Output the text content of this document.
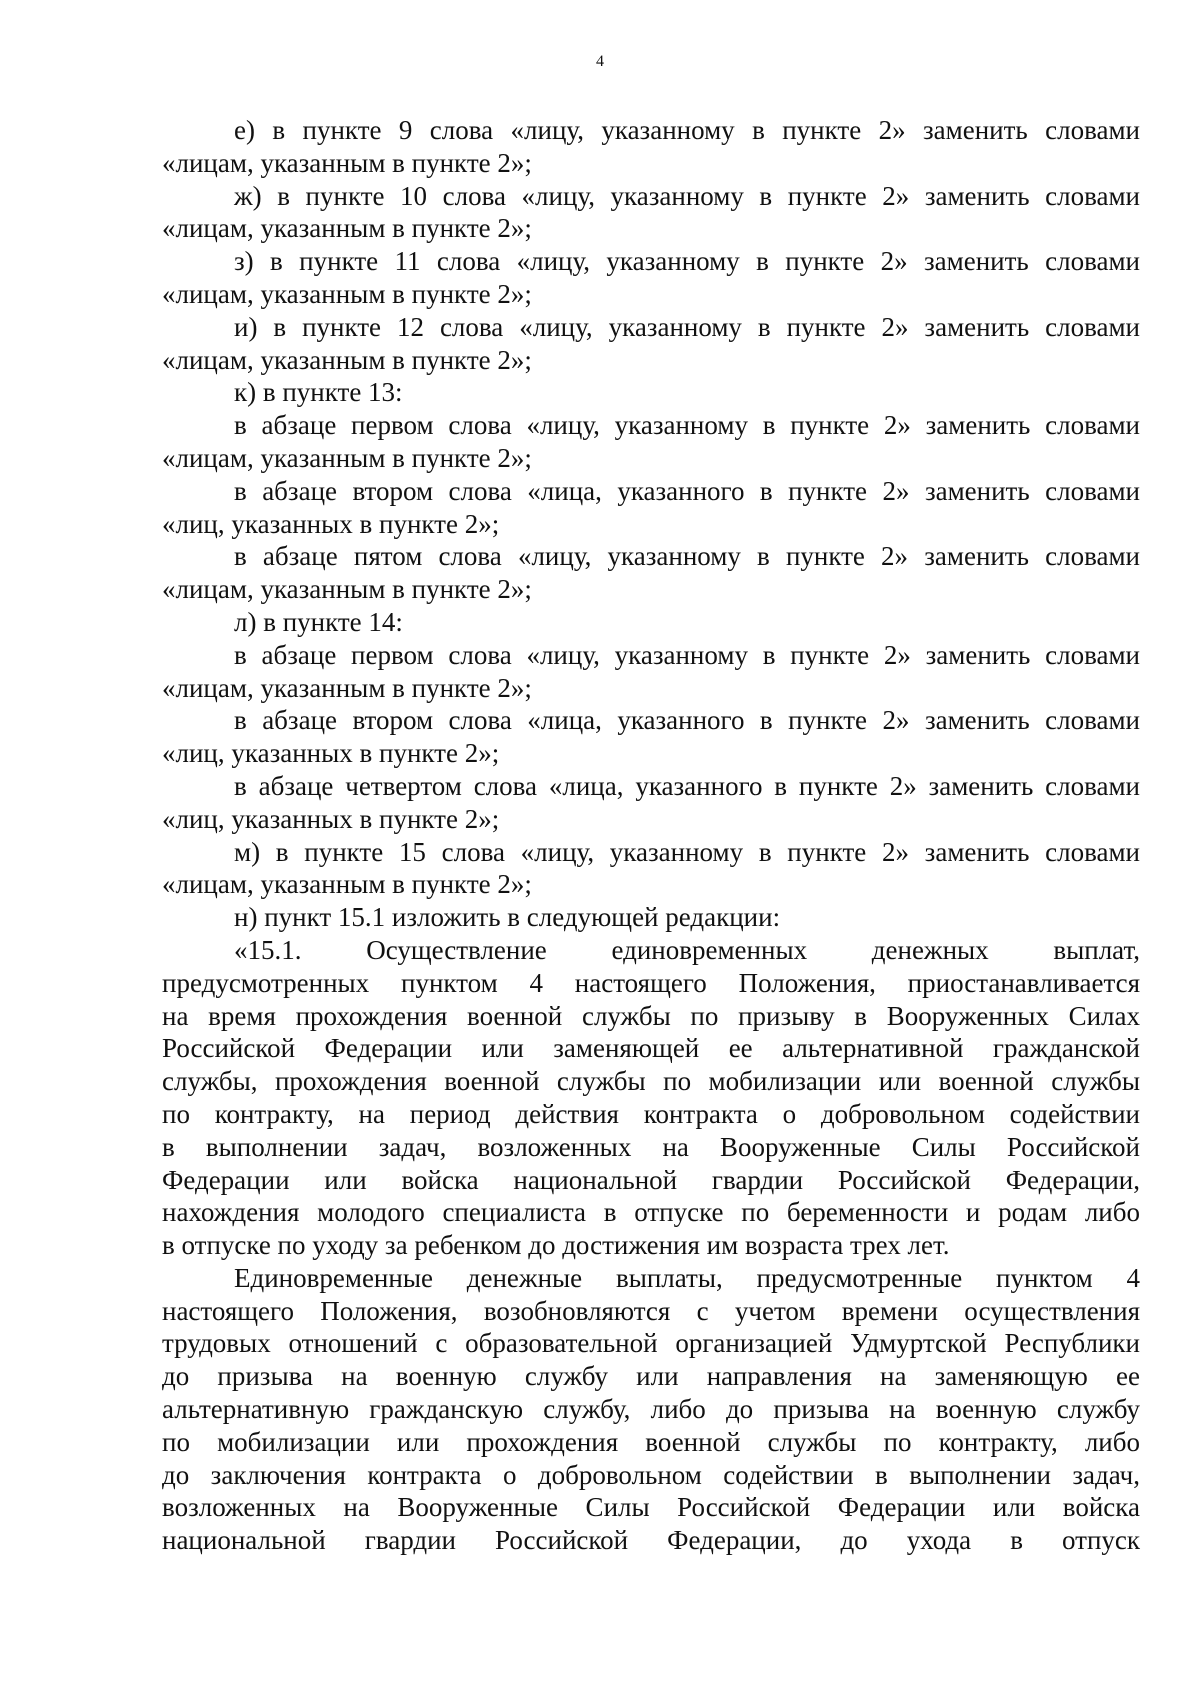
4
е) в пункте 9 слова «лицу, указанному в пункте 2» заменить словами
«лицам, указанным в пункте 2»;
ж) в пункте 10 слова «лицу, указанному в пункте 2» заменить словами
«лицам, указанным в пункте 2»;
з) в пункте 11 слова «лицу, указанному в пункте 2» заменить словами
«лицам, указанным в пункте 2»;
и) в пункте 12 слова «лицу, указанному в пункте 2» заменить словами
«лицам, указанным в пункте 2»;
к) в пункте 13:
в абзаце первом слова «лицу, указанному в пункте 2» заменить словами
«лицам, указанным в пункте 2»;
в абзаце втором слова «лица, указанного в пункте 2» заменить словами
«лиц, указанных в пункте 2»;
в абзаце пятом слова «лицу, указанному в пункте 2» заменить словами
«лицам, указанным в пункте 2»;
л) в пункте 14:
в абзаце первом слова «лицу, указанному в пункте 2» заменить словами
«лицам, указанным в пункте 2»;
в абзаце втором слова «лица, указанного в пункте 2» заменить словами
«лиц, указанных в пункте 2»;
в абзаце четвертом слова «лица, указанного в пункте 2» заменить словами
«лиц, указанных в пункте 2»;
м) в пункте 15 слова «лицу, указанному в пункте 2» заменить словами
«лицам, указанным в пункте 2»;
н) пункт 15.1 изложить в следующей редакции:
«15.1. Осуществление единовременных денежных выплат,
предусмотренных пунктом 4 настоящего Положения, приостанавливается
на время прохождения военной службы по призыву в Вооруженных Силах
Российской Федерации или заменяющей ее альтернативной гражданской
службы, прохождения военной службы по мобилизации или военной службы
по контракту, на период действия контракта о добровольном содействии
в выполнении задач, возложенных на Вооруженные Силы Российской
Федерации или войска национальной гвардии Российской Федерации,
нахождения молодого специалиста в отпуске по беременности и родам либо
в отпуске по уходу за ребенком до достижения им возраста трех лет.
Единовременные денежные выплаты, предусмотренные пунктом 4
настоящего Положения, возобновляются с учетом времени осуществления
трудовых отношений с образовательной организацией Удмуртской Республики
до призыва на военную службу или направления на заменяющую ее
альтернативную гражданскую службу, либо до призыва на военную службу
по мобилизации или прохождения военной службы по контракту, либо
до заключения контракта о добровольном содействии в выполнении задач,
возложенных на Вооруженные Силы Российской Федерации или войска
национальной гвардии Российской Федерации, до ухода в отпуск
